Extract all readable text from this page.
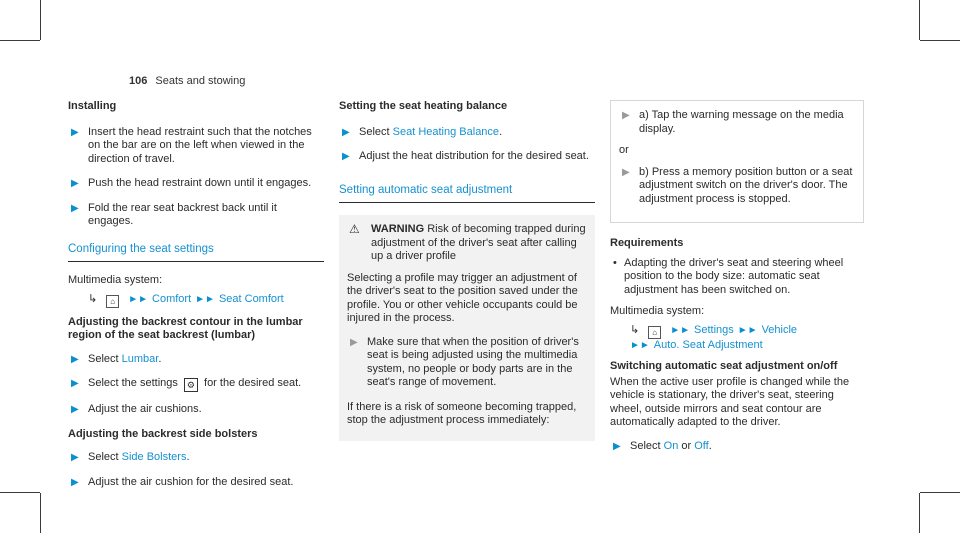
106 Seats and stowing
Installing
▶ Insert the head restraint such that the notches on the bar are on the left when viewed in the direction of travel.
▶ Push the head restraint down until it engages.
▶ Fold the rear seat backrest back until it engages.
Configuring the seat settings
Multimedia system:
↳ ⌂ ►► Comfort ►► Seat Comfort
Adjusting the backrest contour in the lumbar region of the seat backrest (lumbar)
▶ Select Lumbar.
▶ Select the settings ⚙ for the desired seat.
▶ Adjust the air cushions.
Adjusting the backrest side bolsters
▶ Select Side Bolsters.
▶ Adjust the air cushion for the desired seat.
Setting the seat heating balance
▶ Select Seat Heating Balance.
▶ Adjust the heat distribution for the desired seat.
Setting automatic seat adjustment
⚠ WARNING Risk of becoming trapped during adjustment of the driver's seat after calling up a driver profile
Selecting a profile may trigger an adjustment of the driver's seat to the position saved under the profile. You or other vehicle occupants could be injured in the process.
▶ Make sure that when the position of driver's seat is being adjusted using the multimedia system, no people or body parts are in the seat's range of movement.
If there is a risk of someone becoming trapped, stop the adjustment process immediately:
▶ a) Tap the warning message on the media display.
or
▶ b) Press a memory position button or a seat adjustment switch on the driver's door. The adjustment process is stopped.
Requirements
• Adapting the driver's seat and steering wheel position to the body size: automatic seat adjustment has been switched on.
Multimedia system:
↳ ⌂ ►► Settings ►► Vehicle
►► Auto. Seat Adjustment
Switching automatic seat adjustment on/off
When the active user profile is changed while the vehicle is stationary, the driver's seat, steering wheel, outside mirrors and seat contour are automatically adapted to the driver.
▶ Select On or Off.
